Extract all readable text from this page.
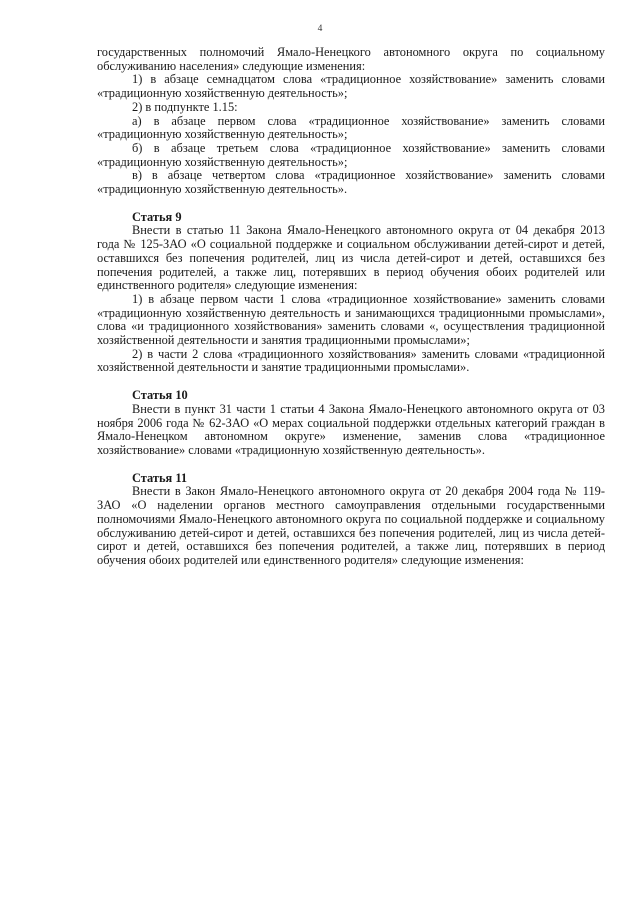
4

государственных полномочий Ямало-Ненецкого автономного округа по социальному обслуживанию населения» следующие изменения:

1) в абзаце семнадцатом слова «традиционное хозяйствование» заменить словами «традиционную хозяйственную деятельность»;

2) в подпункте 1.15:

а) в абзаце первом слова «традиционное хозяйствование» заменить словами «традиционную хозяйственную деятельность»;

б) в абзаце третьем слова «традиционное хозяйствование» заменить словами «традиционную хозяйственную деятельность»;

в) в абзаце четвертом слова «традиционное хозяйствование» заменить словами «традиционную хозяйственную деятельность».

Статья 9

Внести в статью 11 Закона Ямало-Ненецкого автономного округа от 04 декабря 2013 года № 125-ЗАО «О социальной поддержке и социальном обслуживании детей-сирот и детей, оставшихся без попечения родителей, лиц из числа детей-сирот и детей, оставшихся без попечения родителей, а также лиц, потерявших в период обучения обоих родителей или единственного родителя» следующие изменения:

1) в абзаце первом части 1 слова «традиционное хозяйствование» заменить словами «традиционную хозяйственную деятельность и занимающихся традиционными промыслами», слова «и традиционного хозяйствования» заменить словами «, осуществления традиционной хозяйственной деятельности и занятия традиционными промыслами»;

2) в части 2 слова «традиционного хозяйствования» заменить словами «традиционной хозяйственной деятельности и занятие традиционными промыслами».

Статья 10

Внести в пункт 31 части 1 статьи 4 Закона Ямало-Ненецкого автономного округа от 03 ноября 2006 года № 62-ЗАО «О мерах социальной поддержки отдельных категорий граждан в Ямало-Ненецком автономном округе» изменение, заменив слова «традиционное хозяйствование» словами «традиционную хозяйственную деятельность».

Статья 11

Внести в Закон Ямало-Ненецкого автономного округа от 20 декабря 2004 года № 119-ЗАО «О наделении органов местного самоуправления отдельными государственными полномочиями Ямало-Ненецкого автономного округа по социальной поддержке и социальному обслуживанию детей-сирот и детей, оставшихся без попечения родителей, лиц из числа детей-сирот и детей, оставшихся без попечения родителей, а также лиц, потерявших в период обучения обоих родителей или единственного родителя» следующие изменения:
